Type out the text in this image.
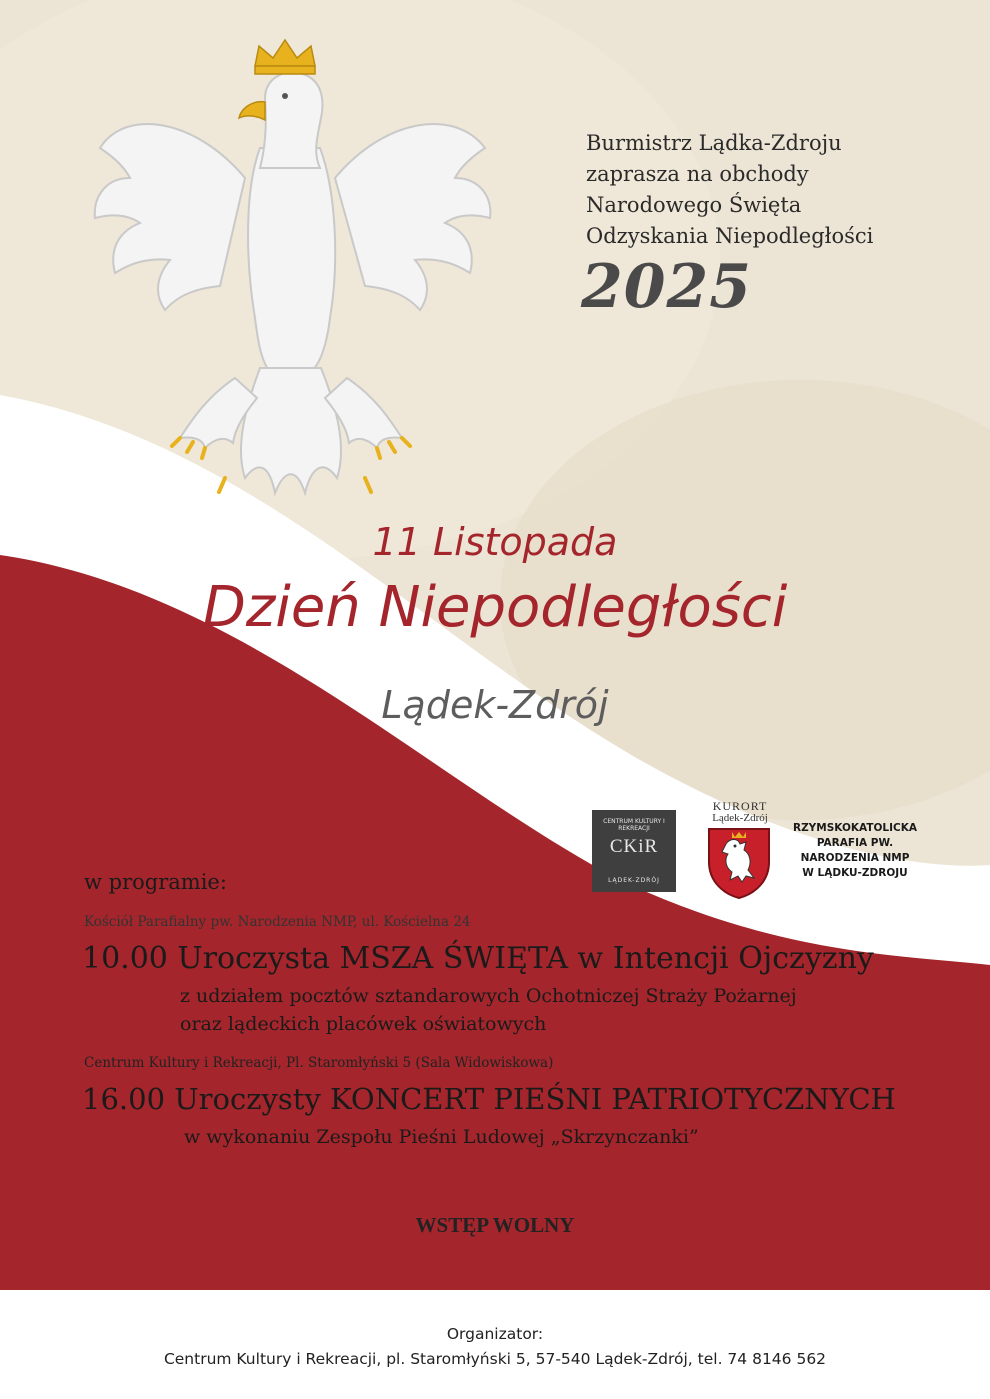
Burmistrz Lądka-Zdroju
zaprasza na obchody
Narodowego Święta
Odzyskania Niepodległości
2025
11 Listopada
Dzień Niepodległości
Lądek-Zdrój
CENTRUM KULTURY I REKREACJI
CKiR
LĄDEK-ZDRÓJ
KURORT
Lądek-Zdrój
RZYMSKOKATOLICKA
PARAFIA PW.
NARODZENIA NMP
W LĄDKU-ZDROJU
w programie:
Kościół Parafialny pw. Narodzenia NMP, ul. Kościelna 24
10.00 Uroczysta MSZA ŚWIĘTA w Intencji Ojczyzny
z udziałem pocztów sztandarowych Ochotniczej Straży Pożarnej
oraz lądeckich placówek oświatowych
Centrum Kultury i Rekreacji, Pl. Staromłyński 5 (Sala Widowiskowa)
16.00 Uroczysty KONCERT PIEŚNI PATRIOTYCZNYCH
w wykonaniu Zespołu Pieśni Ludowej „Skrzynczanki”
WSTĘP WOLNY
Organizator:
Centrum Kultury i Rekreacji, pl. Staromłyński 5, 57-540 Lądek-Zdrój, tel. 74 8146 562
